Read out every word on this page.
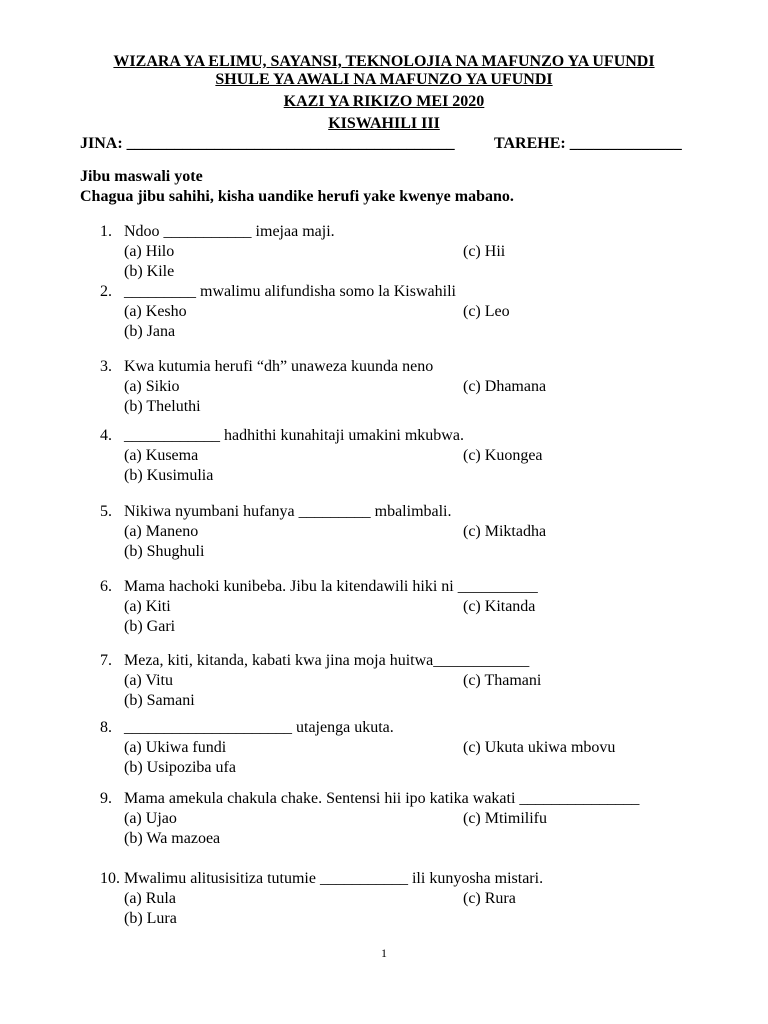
WIZARA YA ELIMU, SAYANSI, TEKNOLOJIA NA MAFUNZO YA UFUNDI
SHULE YA AWALI NA MAFUNZO YA UFUNDI
KAZI YA RIKIZO MEI 2020
KISWAHILI III
JINA: _________________________________________ TAREHE: ______________
Jibu maswali yote
Chagua jibu sahihi, kisha uandike herufi yake kwenye mabano.
1. Ndoo ___________ imejaa maji.
(a) Hilo	(c) Hii
(b) Kile
2. _________ mwalimu alifundisha somo la Kiswahili
(a) Kesho	(c) Leo
(b) Jana
3. Kwa kutumia herufi “dh” unaweza kuunda neno
(a) Sikio	(c) Dhamana
(b) Theluthi
4. ____________ hadhithi kunahitaji umakini mkubwa.
(a) Kusema	(c) Kuongea
(b) Kusimulia
5. Nikiwa nyumbani hufanya _________ mbalimbali.
(a) Maneno	(c) Miktadha
(b) Shughuli
6. Mama hachoki kunibeba. Jibu la kitendawili hiki ni __________
(a) Kiti	(c) Kitanda
(b) Gari
7. Meza, kiti, kitanda, kabati kwa jina moja huitwa____________
(a) Vitu	(c) Thamani
(b) Samani
8. _____________________ utajenga ukuta.
(a) Ukiwa fundi	(c) Ukuta ukiwa mbovu
(b) Usipoziba ufa
9. Mama amekula chakula chake. Sentensi hii ipo katika wakati _______________
(a) Ujao	(c) Mtimilifu
(b) Wa mazoea
10. Mwalimu alitusisitiza tutumie ___________ ili kunyosha mistari.
(a) Rula	(c) Rura
(b) Lura
1
